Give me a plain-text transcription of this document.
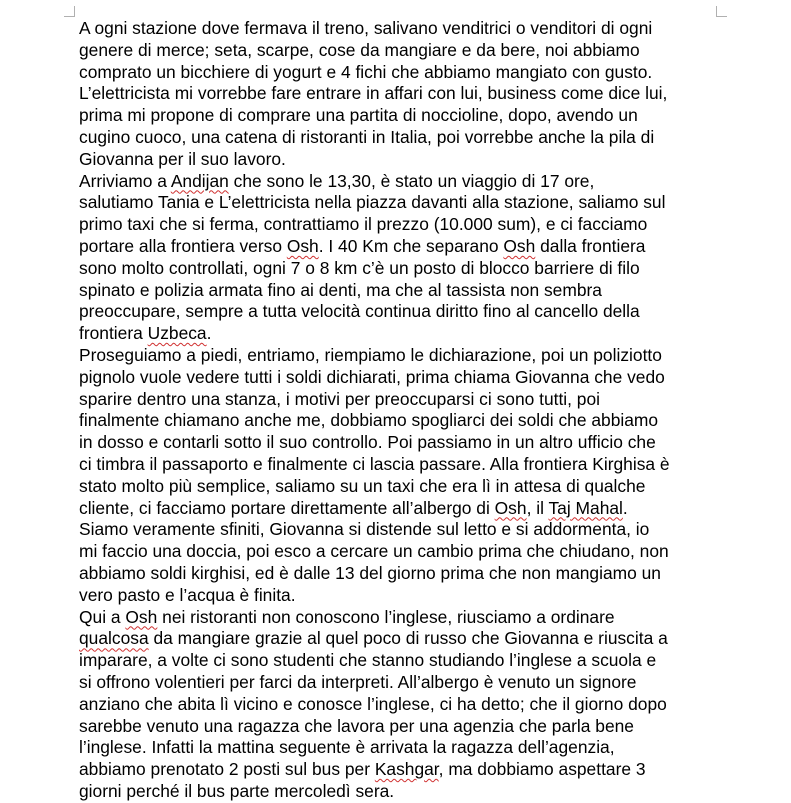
A ogni stazione dove fermava il treno, salivano venditrici o venditori di ogni
genere di merce; seta, scarpe, cose da mangiare e da bere, noi abbiamo
comprato un bicchiere di yogurt e 4 fichi che abbiamo mangiato con gusto.
L’elettricista mi vorrebbe fare entrare in affari con lui, business come dice lui,
prima mi propone di comprare una partita di noccioline, dopo, avendo un
cugino cuoco, una catena di ristoranti in Italia, poi vorrebbe anche la pila di
Giovanna per il suo lavoro.

Arriviamo a Andijan che sono le 13,30, è stato un viaggio di 17 ore,
salutiamo Tania e L’elettricista nella piazza davanti alla stazione, saliamo sul
primo taxi che si ferma, contrattiamo il prezzo (10.000 sum), e ci facciamo
portare alla frontiera verso Osh. I 40 Km che separano Osh dalla frontiera
sono molto controllati, ogni 7 o 8 km c’è un posto di blocco barriere di filo
spinato e polizia armata fino ai denti, ma che al tassista non sembra
preoccupare, sempre a tutta velocità continua diritto fino al cancello della
frontiera Uzbeca.

Proseguiamo a piedi, entriamo, riempiamo le dichiarazione, poi un poliziotto
pignolo vuole vedere tutti i soldi dichiarati, prima chiama Giovanna che vedo
sparire dentro una stanza, i motivi per preoccuparsi ci sono tutti, poi
finalmente chiamano anche me, dobbiamo spogliarci dei soldi che abbiamo
in dosso e contarli sotto il suo controllo. Poi passiamo in un altro ufficio che
ci timbra il passaporto e finalmente ci lascia passare. Alla frontiera Kirghisa è
stato molto più semplice, saliamo su un taxi che era lì in attesa di qualche
cliente, ci facciamo portare direttamente all’albergo di Osh, il Taj Mahal.
Siamo veramente sfiniti, Giovanna si distende sul letto e si addormenta, io
mi faccio una doccia, poi esco a cercare un cambio prima che chiudano, non
abbiamo soldi kirghisi, ed è dalle 13 del giorno prima che non mangiamo un
vero pasto e l’acqua è finita.

Qui a Osh nei ristoranti non conoscono l’inglese, riusciamo a ordinare
qualcosa da mangiare grazie al quel poco di russo che Giovanna e riuscita a
imparare, a volte ci sono studenti che stanno studiando l’inglese a scuola e
si offrono volentieri per farci da interpreti. All’albergo è venuto un signore
anziano che abita lì vicino e conosce l’inglese, ci ha detto; che il giorno dopo
sarebbe venuto una ragazza che lavora per una agenzia che parla bene
l’inglese. Infatti la mattina seguente è arrivata la ragazza dell’agenzia,
abbiamo prenotato 2 posti sul bus per Kashgar, ma dobbiamo aspettare 3
giorni perché il bus parte mercoledì sera.
